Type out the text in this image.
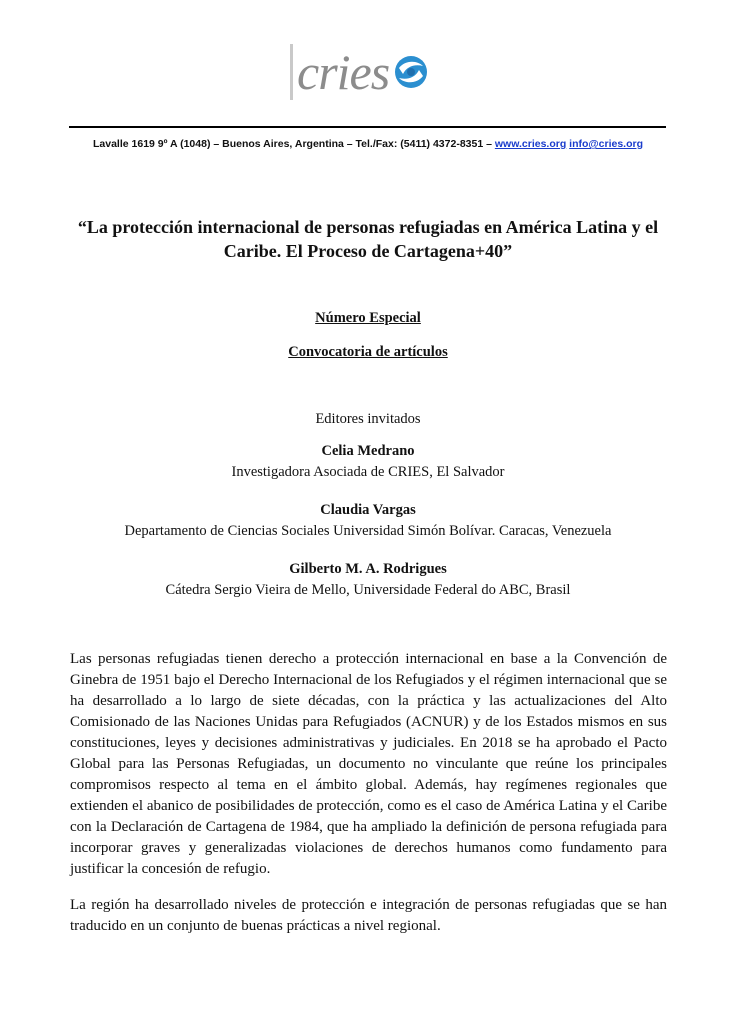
cries
Lavalle 1619 9º A (1048) – Buenos Aires, Argentina – Tel./Fax: (5411) 4372-8351 – www.cries.org info@cries.org
“La protección internacional de personas refugiadas en América Latina y el Caribe. El Proceso de Cartagena+40”
Número Especial
Convocatoria de artículos
Editores invitados
Celia Medrano
Investigadora Asociada de CRIES, El Salvador
Claudia Vargas
Departamento de Ciencias Sociales Universidad Simón Bolívar. Caracas, Venezuela
Gilberto M. A. Rodrigues
Cátedra Sergio Vieira de Mello, Universidade Federal do ABC, Brasil
Las personas refugiadas tienen derecho a protección internacional en base a la Convención de Ginebra de 1951 bajo el Derecho Internacional de los Refugiados y el régimen internacional que se ha desarrollado a lo largo de siete décadas, con la práctica y las actualizaciones del Alto Comisionado de las Naciones Unidas para Refugiados (ACNUR) y de los Estados mismos en sus constituciones, leyes y decisiones administrativas y judiciales. En 2018 se ha aprobado el Pacto Global para las Personas Refugiadas, un documento no vinculante que reúne los principales compromisos respecto al tema en el ámbito global. Además, hay regímenes regionales que extienden el abanico de posibilidades de protección, como es el caso de América Latina y el Caribe con la Declaración de Cartagena de 1984, que ha ampliado la definición de persona refugiada para incorporar graves y generalizadas violaciones de derechos humanos como fundamento para justificar la concesión de refugio.
La región ha desarrollado niveles de protección e integración de personas refugiadas que se han traducido en un conjunto de buenas prácticas a nivel regional.
